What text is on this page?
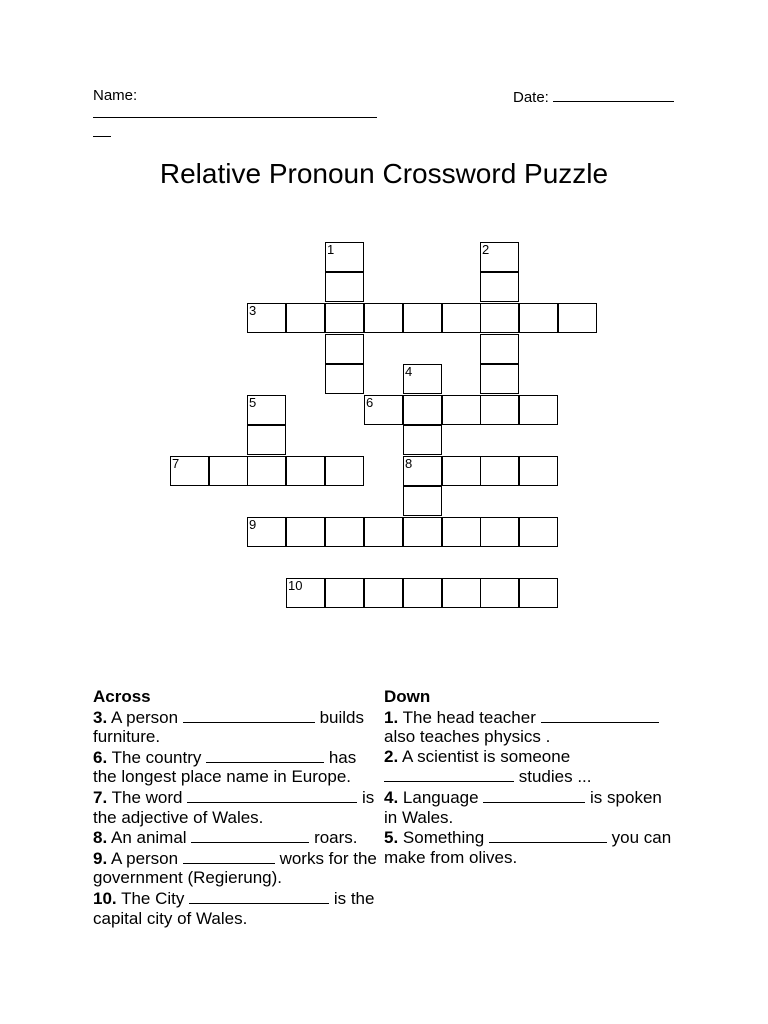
Name:	Date:
Relative Pronoun Crossword Puzzle
1	2
3
4
5	6
7	8
9
10
Across
3. A person	builds furniture.
6. The country	has the longest place name in Europe.
7. The word	is the adjective of Wales.
8. An animal	roars.
9. A person	works for the government (Regierung).
10. The City	is the capital city of Wales.
Down
1. The head teacher  also teaches physics .
2. A scientist is someone  studies ...
4. Language	is spoken in Wales.
5. Something	you can make from olives.
